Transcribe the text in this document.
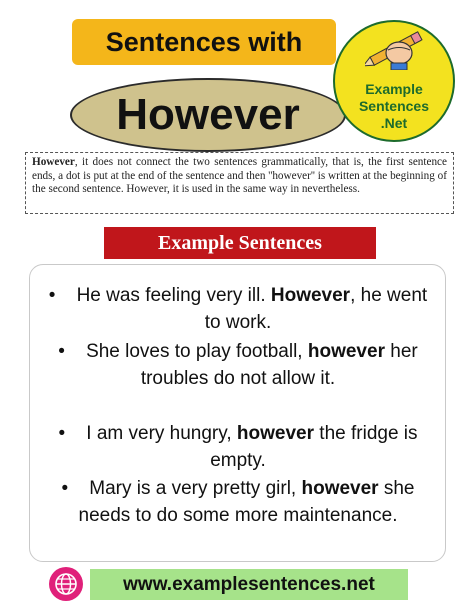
Sentences with
However
Example
Sentences
.Net
However, it does not connect the two sentences grammatically, that is, the first sentence ends, a dot is put at the end of the sentence and then ''however'' is written at the beginning of the second sentence. However, it is used in the same way in nevertheless.
Example Sentences

• He was feeling very ill. However, he went to work.

• She loves to play football, however her troubles do not allow it.

• I am very hungry, however the fridge is empty.

• Mary is a very pretty girl, however she needs to do some more maintenance.

www.examplesentences.net
